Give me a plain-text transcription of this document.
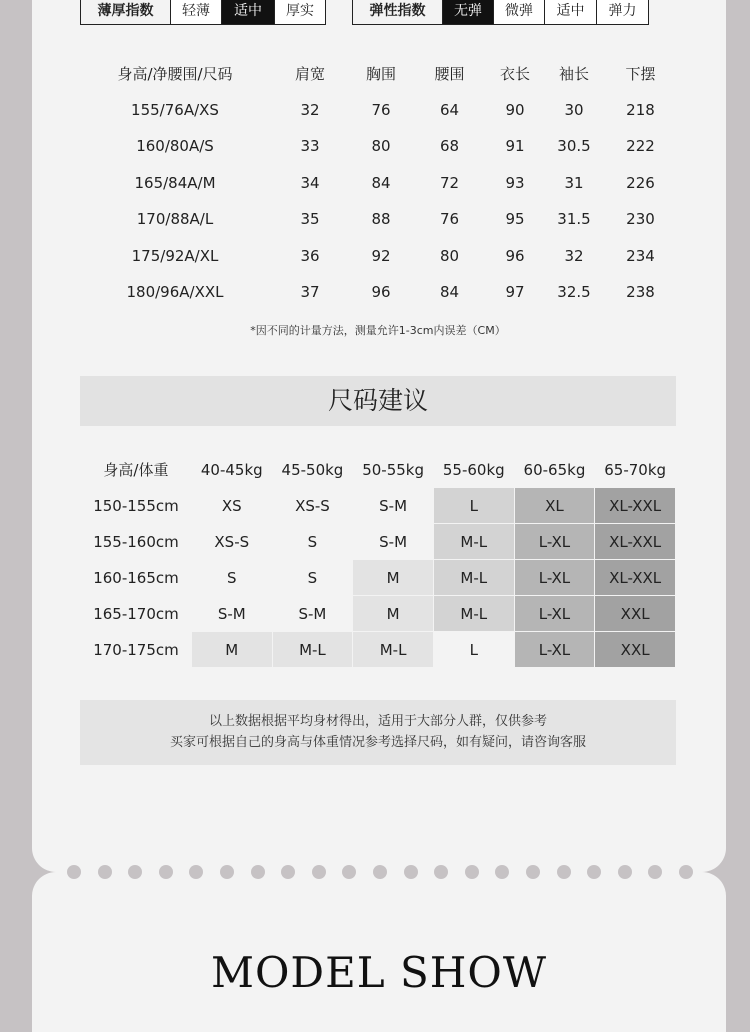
薄厚指数	轻薄	适中	厚实	弹性指数	无弹	微弹	适中	弹力
身高/净腰围/尺码	肩宽	胸围	腰围	衣长	袖长	下摆
155/76A/XS	32	76	64	90	30	218
160/80A/S	33	80	68	91	30.5	222
165/84A/M	34	84	72	93	31	226
170/88A/L	35	88	76	95	31.5	230
175/92A/XL	36	92	80	96	32	234
180/96A/XXL	37	96	84	97	32.5	238
*因不同的计量方法，测量允许1-3cm内误差（CM）
尺码建议
身高/体重	40-45kg	45-50kg	50-55kg	55-60kg	60-65kg	65-70kg
150-155cm	XS	XS-S	S-M	L	XL	XL-XXL
155-160cm	XS-S	S	S-M	M-L	L-XL	XL-XXL
160-165cm	S	S	M	M-L	L-XL	XL-XXL
165-170cm	S-M	S-M	M	M-L	L-XL	XXL
170-175cm	M	M-L	M-L	L	L-XL	XXL
以上数据根据平均身材得出，适用于大部分人群，仅供参考
买家可根据自己的身高与体重情况参考选择尺码，如有疑问，请咨询客服
MODEL SHOW
